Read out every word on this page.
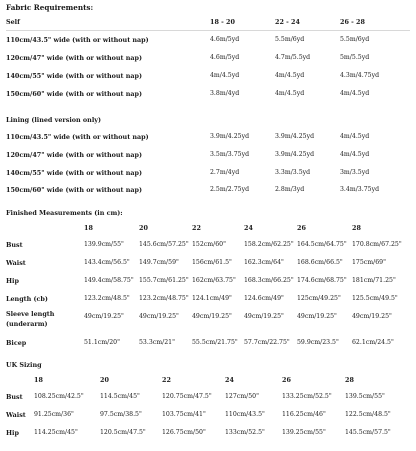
Fabric Requirements:
Self	18 - 20	22 - 24	26 - 28
110cm/43.5" wide (with or without nap)	4.6m/5yd	5.5m/6yd	5.5m/6yd
120cm/47" wide (with or without nap)	4.6m/5yd	4.7m/5.5yd	5m/5.5yd
140cm/55" wide (with or without nap)	4m/4.5yd	4m/4.5yd	4.3m/4.75yd
150cm/60" wide (with or without nap)	3.8m/4yd	4m/4.5yd	4m/4.5yd
Lining (lined version only)
110cm/43.5" wide (with or without nap)	3.9m/4.25yd	3.9m/4.25yd	4m/4.5yd
120cm/47" wide (with or without nap)	3.5m/3.75yd	3.9m/4.25yd	4m/4.5yd
140cm/55" wide (with or without nap)	2.7m/4yd	3.3m/3.5yd	3m/3.5yd
150cm/60" wide (with or without nap)	2.5m/2.75yd	2.8m/3yd	3.4m/3.75yd
Finished Measurements (in cm):
18	20	22	24	26	28
Bust	139.9cm/55" 145.6cm/57.25" 152cm/60"	158.2cm/62.25" 164.5cm/64.75" 170.8cm/67.25"
Waist	143.4cm/56.5" 149.7cm/59" 156cm/61.5" 162.3cm/64" 168.6cm/66.5" 175cm/69"
Hip	149.4cm/58.75" 155.7cm/61.25" 162cm/63.75" 168.3cm/66.25" 174.6cm/68.75" 181cm/71.25"
Length (cb)	123.2cm/48.5" 123.2cm/48.75" 124.1cm/49" 124.6cm/49" 125cm/49.25" 125.5cm/49.5"
Sleeve length
(underarm)
49cm/19.25" 49cm/19.25" 49cm/19.25" 49cm/19.25" 49cm/19.25" 49cm/19.25"
Bicep	51.1cm/20"	53.3cm/21"	55.5cm/21.75" 57.7cm/22.75" 59.9cm/23.5" 62.1cm/24.5"
UK Sizing
18	20	22	24	26	28
Bust 108.25cm/42.5"	114.5cm/45"	120.75cm/47.5" 127cm/50"	133.25cm/52.5" 139.5cm/55"
Waist 91.25cm/36"	97.5cm/38.5"	103.75cm/41"	110cm/43.5"	116.25cm/46"	122.5cm/48.5"
Hip 114.25cm/45"	120.5cm/47.5"	126.75cm/50"	133cm/52.5"	139.25cm/55"	145.5cm/57.5"
